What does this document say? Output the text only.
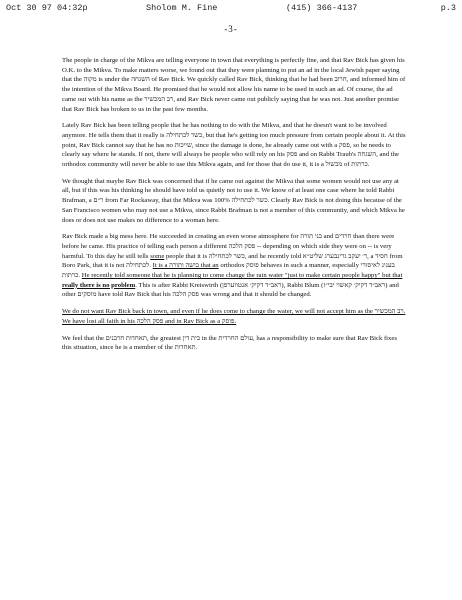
Oct 30 97 04:32p	Sholom M. Fine	(415) 366-4137	p.3
-3-

The people in charge of the Mikva are telling everyone in town that everything is perfectly fine, and that Rav Bick has given his O.K. to the Mikva. To make matters worse, we found out that they were planning to put an ad in the local Jewish paper saying that the מקוה is under the השגחה of Rav Bick. We quickly called Rav Bick, thinking that he had been חרוב, and informed him of the intention of the Mikva Board. He promised that he would not allow his name to be used in such an ad. Of course, the ad came out with his name as the רב המכשיר, and Rav Bick never came out publicly saying that he was not. Just another promise that Rav Bick has broken to us in the past few months.

Lately Rav Bick has been telling people that he has nothing to do with the Mikva, and that he doesn't want to be involved anymore. He tells them that it really is כשר לכתחילה, but that he's getting too much pressure from certain people about it. At this point, Rav Bick cannot say that he has no שייכות, since the damage is done, he already came out with a פסק, so he needs to clearly say where he stands. If not, there will always be people who will rely on his פסק and on Rabbi Traub's השגחה, and the orthodox community will never be able to use this Mikva again, and for those that do use it, it is a מכשול of כרתות.

We thought that maybe Rav Bick was concerned that if he came out against the Mikva that some women would not use any at all, but if this was his thinking he should have told us quietly not to use it. We know of at least one case where he told Rabbi Brafman, a ר״ם from Far Rockaway, that the Mikva was 100% כשר לכתחילה. Clearly Rav Bick is not doing this because of the San Francisco women who may not use a Mikva, since Rabbi Brafman is not a member of this community, and which Mikva he does or does not use makes no difference to a woman here.

Rav Bick made a big mess here. He succeeded in creating an even worse atmosphere for בני תורה and חרדים than there were before he came. His practice of telling each person a different פסק הלכה -- depending on which side they were on -- is very harmful. To this day he still tells some people that it is כשר לכתחילה, and he recently told ר׳ יעקב גרינבערג שליט״א, a חסיד from Boro Park, that it is not לכתחילה. It is a בושה ותורה that an orthodox פוסק behaves in such a manner, especially בענינ לאיסורי כרתות. He recently told someone that he is planning to come change the rain water "just to make certain people happy" but that really there is no problem. This is after Rabbi Kreiswirth (ראב״ד דקיק׳ אנטווערפן), Rabbi Blum (ראב״ד דקיק׳ קאשוי יבי״ז) and other מוסקים have told Rav Bick that his פסק הלכה was wrong and that it should be changed.

We do not want Rav Bick back in town, and even if he does come to change the water, we will not accept him as the רב המכשיר. We have lost all faith in his פסק הלכה and in Rav Bick as a פוסק.

We feel that the תאחדות חרבנים, the greatest בית דין in the עולם החרדית, has a responsibility to make sure that Rav Bick fixes this situation, since he is a member of the תאחדות.
